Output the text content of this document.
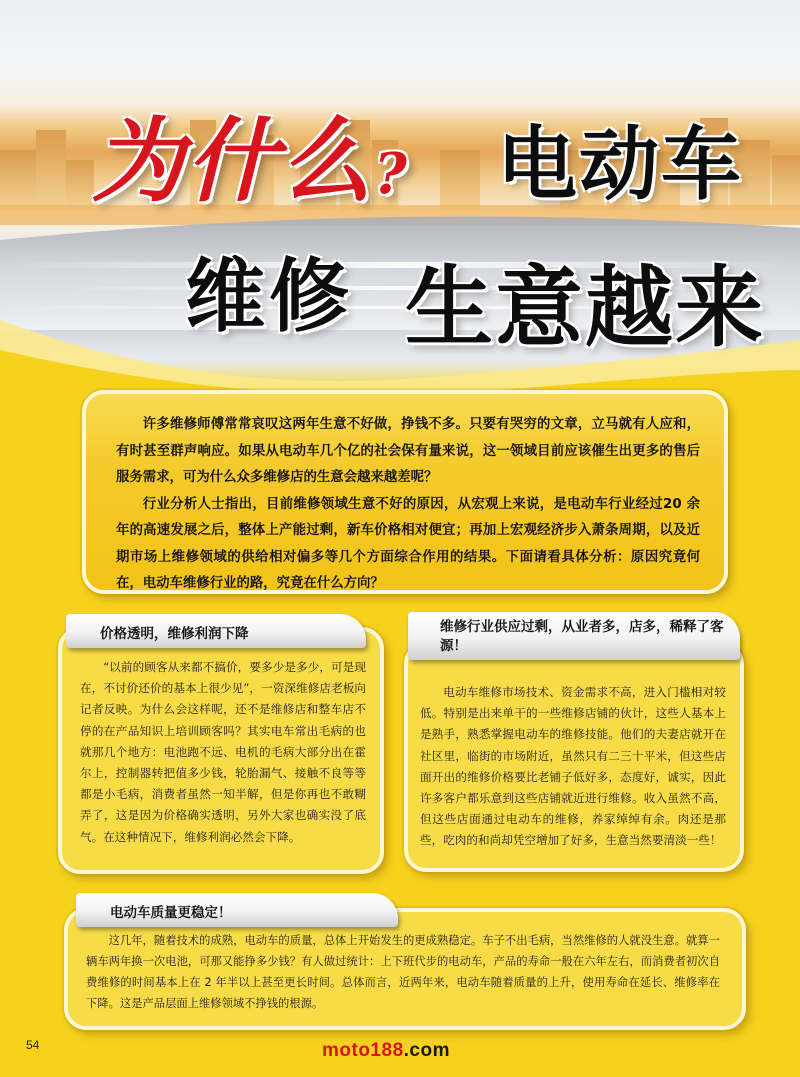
为什么? 电动车
维修 生意越来

许多维修师傅常常哀叹这两年生意不好做，挣钱不多。只要有哭穷的文章，立马就有人应和，有时甚至群声响应。如果从电动车几个亿的社会保有量来说，这一领域目前应该催生出更多的售后服务需求，可为什么众多维修店的生意会越来越差呢？

行业分析人士指出，目前维修领域生意不好的原因，从宏观上来说，是电动车行业经过20 余年的高速发展之后，整体上产能过剩，新车价格相对便宜；再加上宏观经济步入萧条周期，以及近期市场上维修领域的供给相对偏多等几个方面综合作用的结果。下面请看具体分析：原因究竟何在，电动车维修行业的路，究竟在什么方向？

“以前的顾客从来都不搞价，要多少是多少，可是现在，不讨价还价的基本上很少见”，一资深维修店老板向记者反映。为什么会这样呢，还不是维修店和整车店不停的在产品知识上培训顾客吗？其实电车常出毛病的也就那几个地方：电池跑不远、电机的毛病大部分出在霍尔上，控制器转把值多少钱，轮胎漏气、接触不良等等都是小毛病，消费者虽然一知半解，但是你再也不敢糊弄了，这是因为价格确实透明，另外大家也确实没了底气。在这种情况下，维修利润必然会下降。

价格透明，维修利润下降

电动车维修市场技术、资金需求不高，进入门槛相对较低。特别是出来单干的一些维修店铺的伙计，这些人基本上是熟手，熟悉掌握电动车的维修技能。他们的夫妻店就开在社区里，临街的市场附近，虽然只有二三十平米，但这些店面开出的维修价格要比老铺子低好多，态度好，诚实，因此许多客户都乐意到这些店铺就近进行维修。收入虽然不高，但这些店面通过电动车的维修，养家绰绰有余。肉还是那些，吃肉的和尚却凭空增加了好多，生意当然要清淡一些！

维修行业供应过剩，从业者多，店多，稀释了客源！

这几年，随着技术的成熟，电动车的质量，总体上开始发生的更成熟稳定。车子不出毛病，当然维修的人就没生意。就算一辆车两年换一次电池，可那又能挣多少钱？有人做过统计：上下班代步的电动车，产品的寿命一般在六年左右，而消费者初次自费维修的时间基本上在 2 年半以上甚至更长时间。总体而言，近两年来，电动车随着质量的上升，使用寿命在延长、维修率在下降。这是产品层面上维修领域不挣钱的根源。

电动车质量更稳定！
54	moto188.com
